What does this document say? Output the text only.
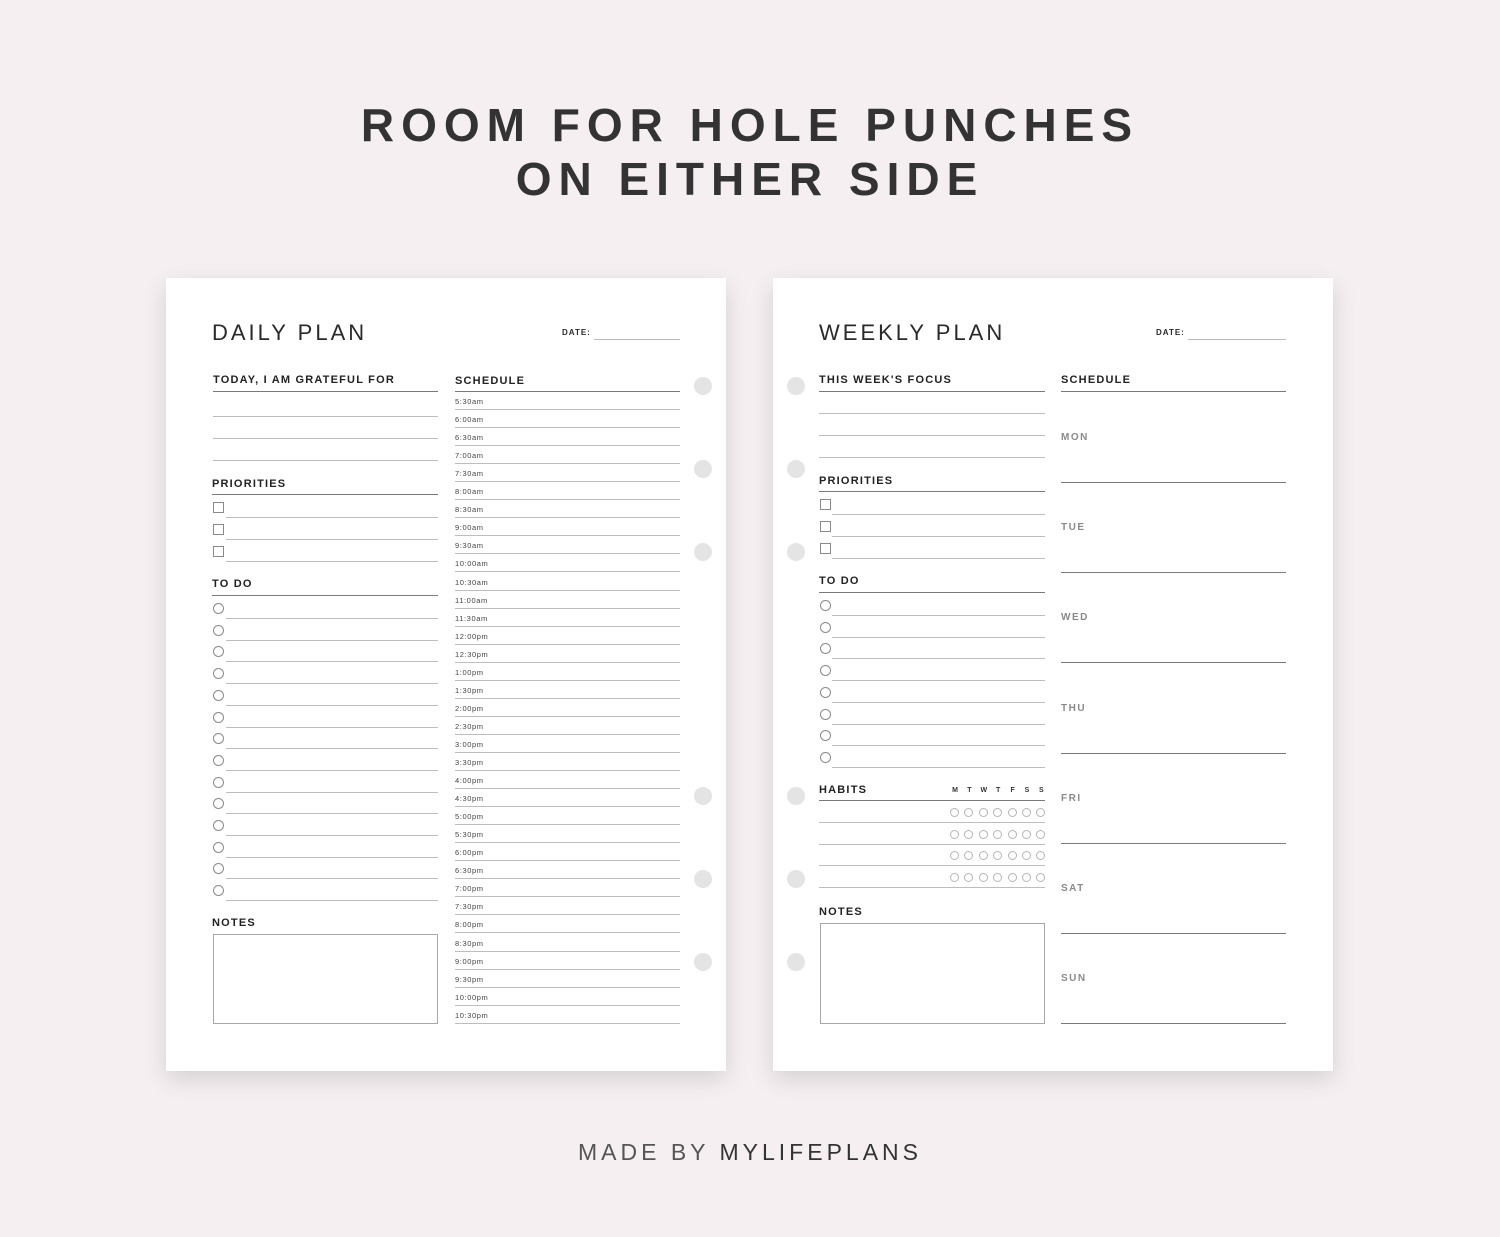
ROOM FOR HOLE PUNCHES
ON EITHER SIDE
DAILY PLAN	DATE:
TODAY, I AM GRATEFUL FOR
PRIORITIES
TO DO
NOTES
SCHEDULE
5:30am
6:00am
6:30am
7:00am
7:30am
8:00am
8:30am
9:00am
9:30am
10:00am
10:30am
11:00am
11:30am
12:00pm
12:30pm
1:00pm
1:30pm
2:00pm
2:30pm
3:00pm
3:30pm
4:00pm
4:30pm
5:00pm
5:30pm
6:00pm
6:30pm
7:00pm
7:30pm
8:00pm
8:30pm
9:00pm
9:30pm
10:00pm
10:30pm
WEEKLY PLAN	DATE:
THIS WEEK'S FOCUS
PRIORITIES
TO DO
HABITS	M	T	W	T	F	S	S
NOTES
SCHEDULE
MON
TUE
WED
THU
FRI
SAT
SUN
MADE BY MYLIFEPLANS
